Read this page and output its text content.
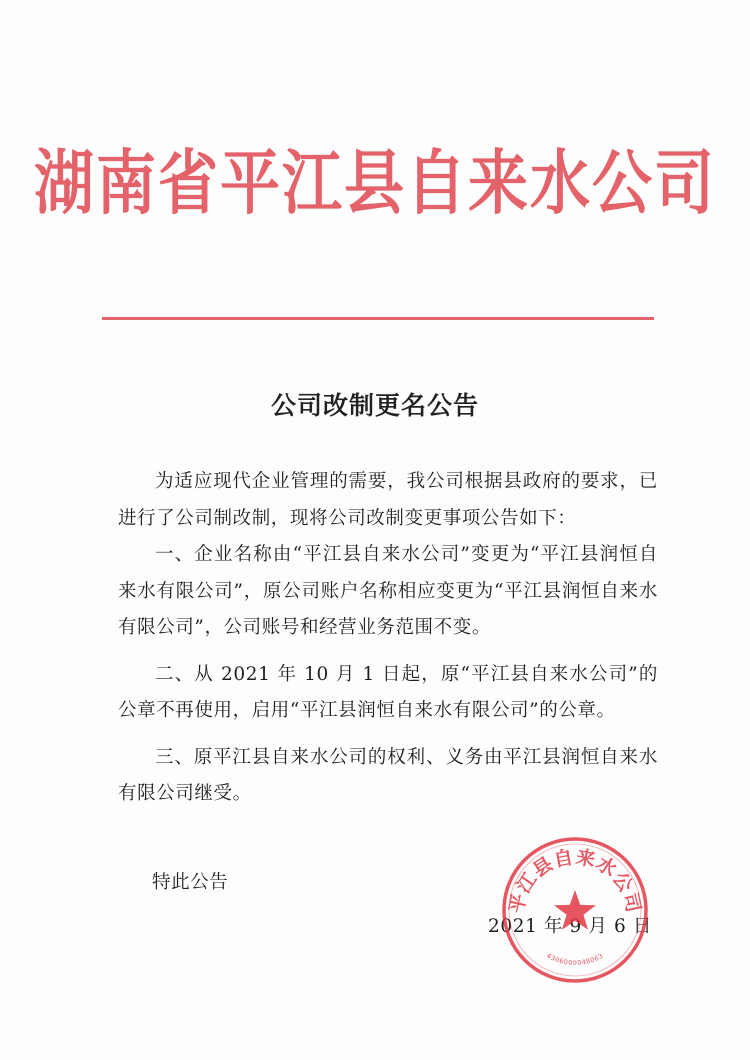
湖南省平江县自来水公司
公司改制更名公告

为适应现代企业管理的需要，我公司根据县政府的要求，已进行了公司制改制，现将公司改制变更事项公告如下：

一、企业名称由“平江县自来水公司”变更为“平江县润恒自来水有限公司”，原公司账户名称相应变更为“平江县润恒自来水有限公司”，公司账号和经营业务范围不变。

二、从 2021 年 10 月 1 日起，原“平江县自来水公司”的公章不再使用，启用“平江县润恒自来水有限公司”的公章。

三、原平江县自来水公司的权利、义务由平江县润恒自来水有限公司继受。

特此公告
2021 年 9 月 6 日
平江县自来水公司
4306000048063
